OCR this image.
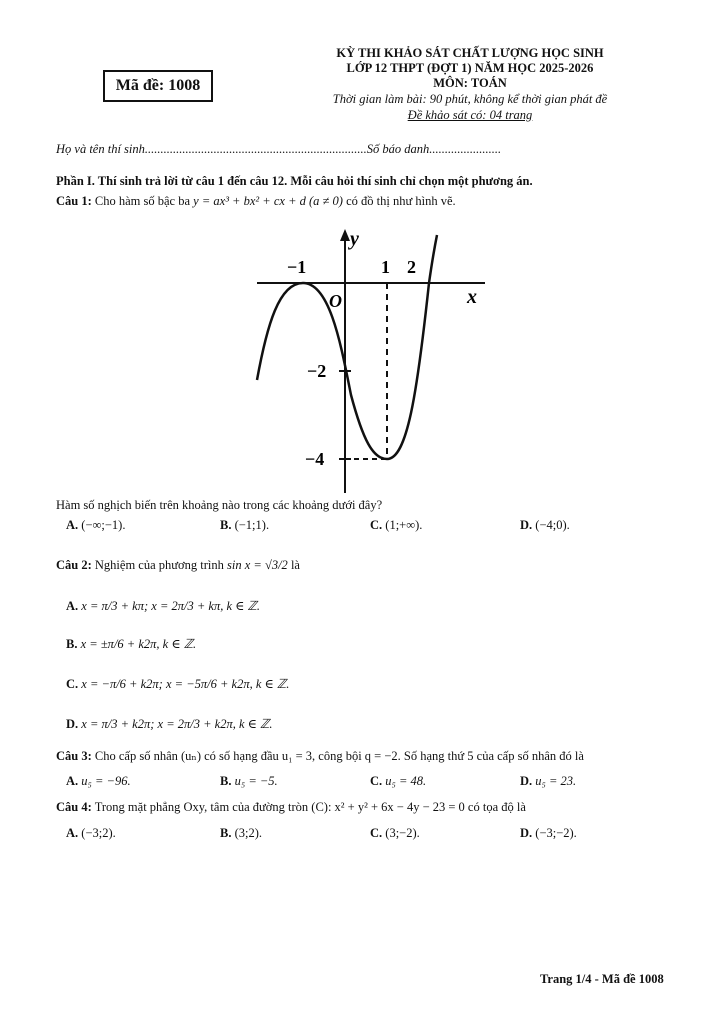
Mã đề: 1008
KỲ THI KHẢO SÁT CHẤT LƯỢNG HỌC SINH
LỚP 12 THPT (ĐỢT 1) NĂM HỌC 2025-2026
MÔN: TOÁN
Thời gian làm bài: 90 phút, không kể thời gian phát đề
Đề khảo sát có: 04 trang
Họ và tên thí sinh.......................................................................Số báo danh.......................
Phần I. Thí sinh trả lời từ câu 1 đến câu 12. Mỗi câu hỏi thí sinh chỉ chọn một phương án.
Câu 1: Cho hàm số bậc ba y = ax³ + bx² + cx + d (a ≠ 0) có đồ thị như hình vẽ.
y
x
O
−1	1 2
−2
−4
Hàm số nghịch biến trên khoảng nào trong các khoảng dưới đây?
A. (−∞;−1).	B. (−1;1).	C. (1;+∞).	D. (−4;0).
Câu 2: Nghiệm của phương trình sin x = √3/2 là
A. x = π/3 + kπ; x = 2π/3 + kπ, k ∈ ℤ.
B. x = ±π/6 + k2π, k ∈ ℤ.
C. x = −π/6 + k2π; x = −5π/6 + k2π, k ∈ ℤ.
D. x = π/3 + k2π; x = 2π/3 + k2π, k ∈ ℤ.
Câu 3: Cho cấp số nhân (uₙ) có số hạng đầu u₁ = 3, công bội q = −2. Số hạng thứ 5 của cấp số nhân đó là
A. u₅ = −96.	B. u₅ = −5.	C. u₅ = 48.	D. u₅ = 23.
Câu 4: Trong mặt phẳng Oxy, tâm của đường tròn (C): x² + y² + 6x − 4y − 23 = 0 có tọa độ là
A. (−3;2).	B. (3;2).	C. (3;−2).	D. (−3;−2).
Trang 1/4 - Mã đề 1008
